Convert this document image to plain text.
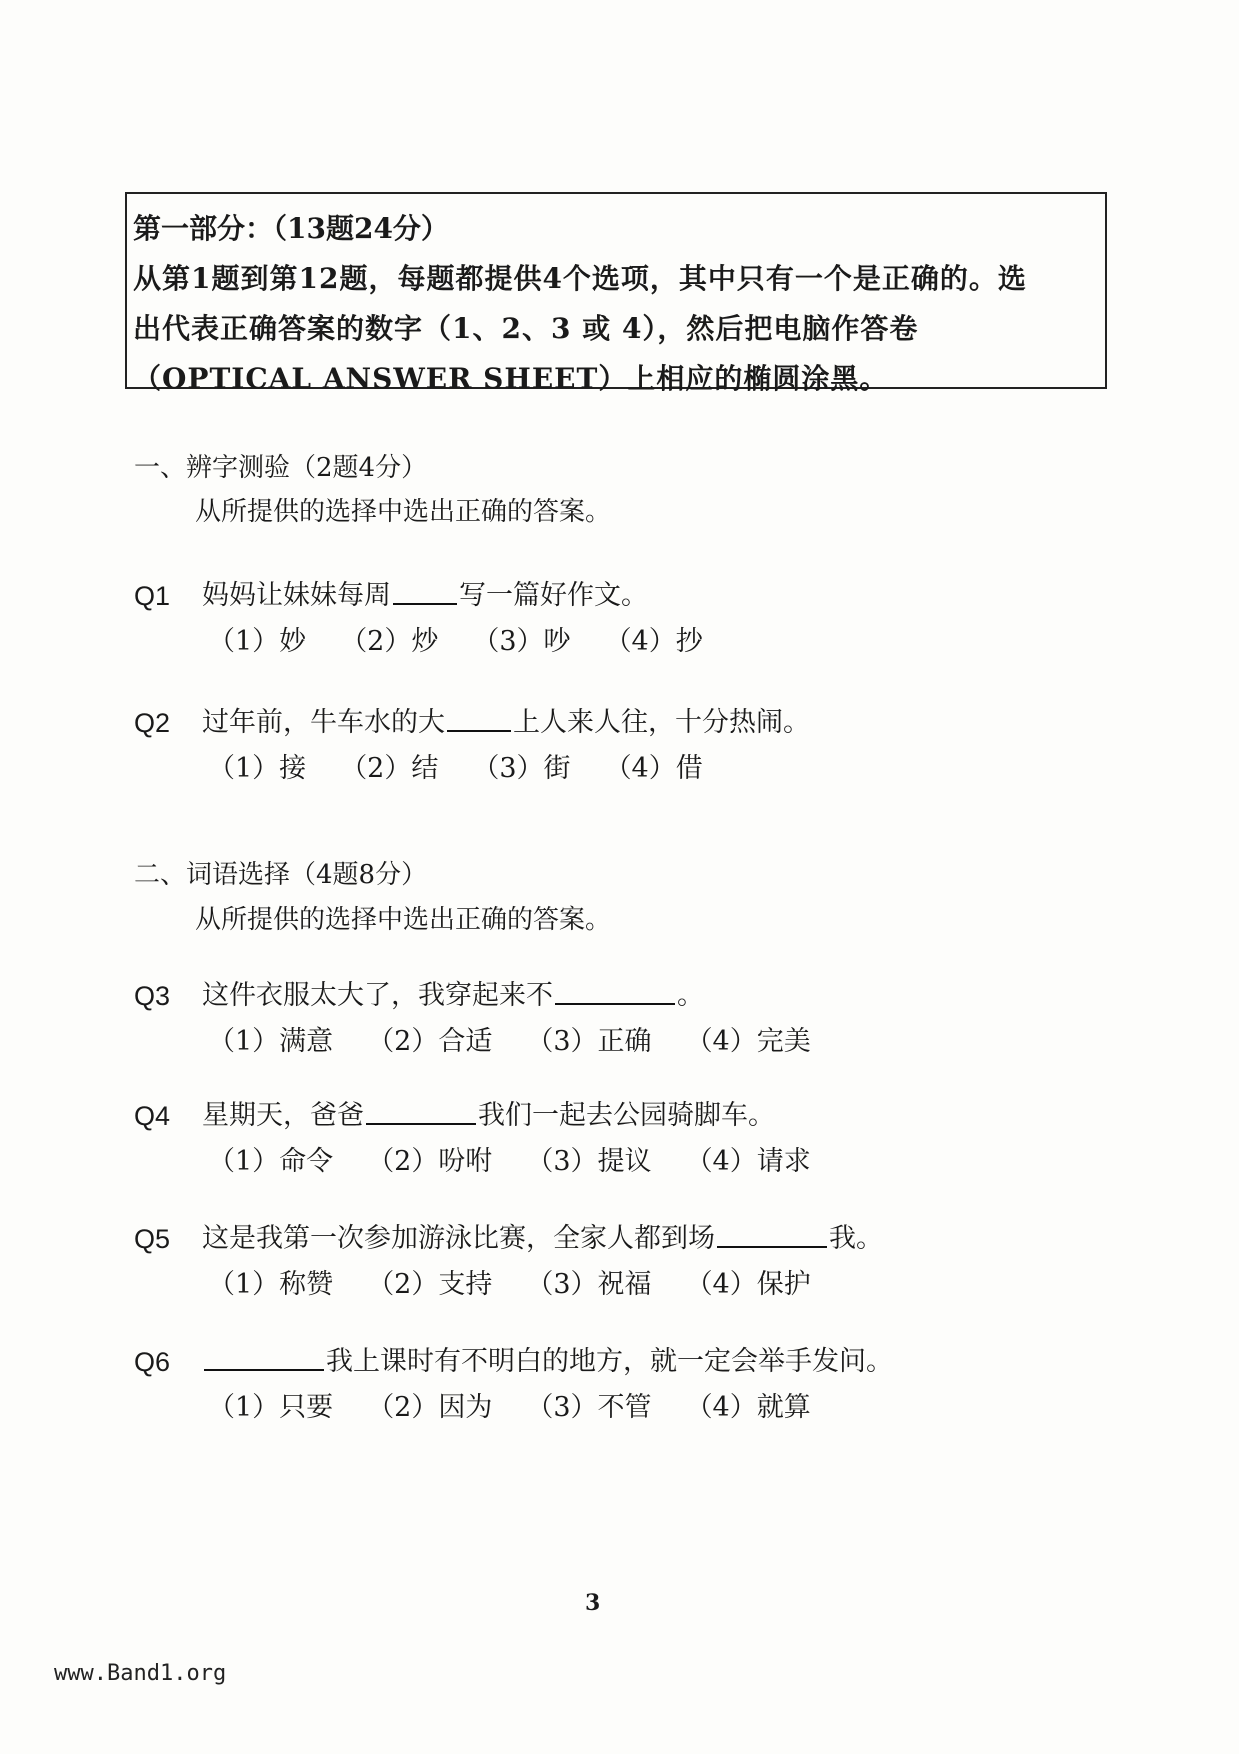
第一部分：（13题24分）
从第1题到第12题，每题都提供4个选项，其中只有一个是正确的。选
出代表正确答案的数字（1、2、3 或 4），然后把电脑作答卷
（OPTICAL ANSWER SHEET）上相应的椭圆涂黑。
一、辨字测验（2题4分）
从所提供的选择中选出正确的答案。
Q1	妈妈让妹妹每周	写一篇好作文。
（1）妙 （2）炒 （3）吵 （4）抄
Q2	过年前，牛车水的大	上人来人往，十分热闹。
（1）接 （2）结 （3）街 （4）借
二、词语选择（4题8分）
从所提供的选择中选出正确的答案。
Q3	这件衣服太大了，我穿起来不	。
（1）满意 （2）合适 （3）正确 （4）完美
Q4	星期天，爸爸	我们一起去公园骑脚车。
（1）命令 （2）吩咐 （3）提议 （4）请求
Q5	这是我第一次参加游泳比赛，全家人都到场	我。
（1）称赞 （2）支持 （3）祝福 （4）保护
Q6	我上课时有不明白的地方，就一定会举手发问。
（1）只要 （2）因为 （3）不管 （4）就算
3
www.Band1.org
